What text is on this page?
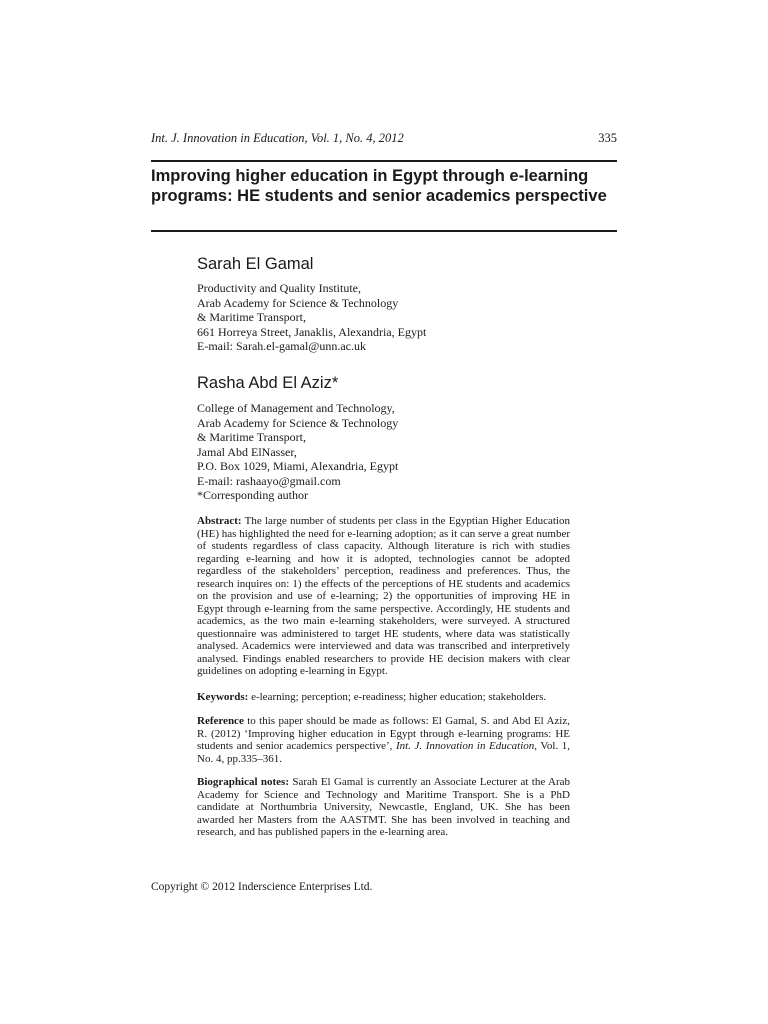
Int. J. Innovation in Education, Vol. 1, No. 4, 2012	335
Improving higher education in Egypt through e-learning programs: HE students and senior academics perspective
Sarah El Gamal
Productivity and Quality Institute,
Arab Academy for Science & Technology
& Maritime Transport,
661 Horreya Street, Janaklis, Alexandria, Egypt
E-mail: Sarah.el-gamal@unn.ac.uk
Rasha Abd El Aziz*
College of Management and Technology,
Arab Academy for Science & Technology
& Maritime Transport,
Jamal Abd ElNasser,
P.O. Box 1029, Miami, Alexandria, Egypt
E-mail: rashaayo@gmail.com
*Corresponding author

Abstract: The large number of students per class in the Egyptian Higher Education (HE) has highlighted the need for e-learning adoption; as it can serve a great number of students regardless of class capacity. Although literature is rich with studies regarding e-learning and how it is adopted, technologies cannot be adopted regardless of the stakeholders’ perception, readiness and preferences. Thus, the research inquires on: 1) the effects of the perceptions of HE students and academics on the provision and use of e-learning; 2) the opportunities of improving HE in Egypt through e-learning from the same perspective. Accordingly, HE students and academics, as the two main e-learning stakeholders, were surveyed. A structured questionnaire was administered to target HE students, where data was statistically analysed. Academics were interviewed and data was transcribed and interpretively analysed. Findings enabled researchers to provide HE decision makers with clear guidelines on adopting e-learning in Egypt.

Keywords: e-learning; perception; e-readiness; higher education; stakeholders.

Reference to this paper should be made as follows: El Gamal, S. and Abd El Aziz, R. (2012) ‘Improving higher education in Egypt through e-learning programs: HE students and senior academics perspective’, Int. J. Innovation in Education, Vol. 1, No. 4, pp.335–361.

Biographical notes: Sarah El Gamal is currently an Associate Lecturer at the Arab Academy for Science and Technology and Maritime Transport. She is a PhD candidate at Northumbria University, Newcastle, England, UK. She has been awarded her Masters from the AASTMT. She has been involved in teaching and research, and has published papers in the e-learning area.

Copyright © 2012 Inderscience Enterprises Ltd.
